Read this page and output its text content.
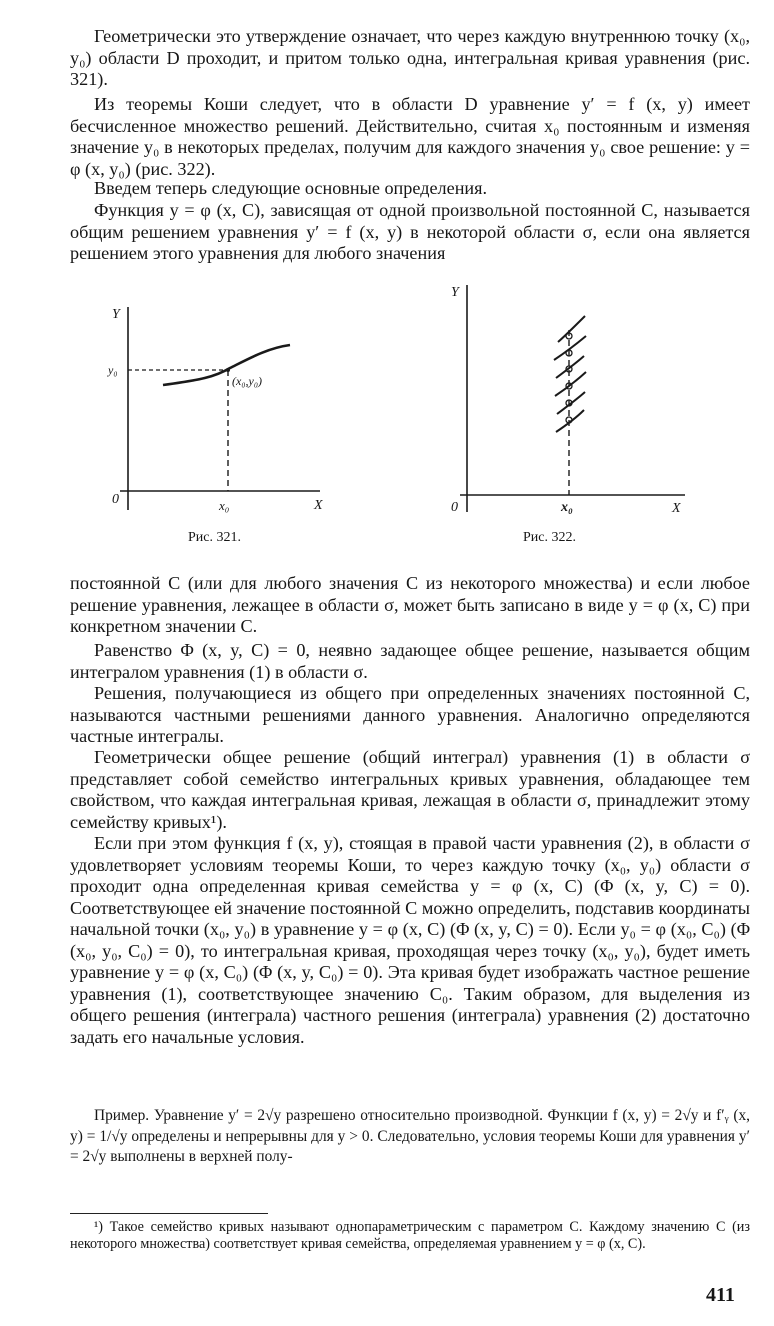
Геометрически это утверждение означает, что через каждую внутреннюю точку (x₀, y₀) области D проходит, и притом только одна, интегральная кривая уравнения (рис. 321).

Из теоремы Коши следует, что в области D уравнение y′ = f (x, y) имеет бесчисленное множество решений. Действительно, считая x₀ постоянным и изменяя значение y₀ в некоторых пределах, получим для каждого значения y₀ свое решение: y = φ (x, y₀) (рис. 322).

Введем теперь следующие основные определения.

Функция y = φ (x, C), зависящая от одной произвольной постоянной C, называется общим решением уравнения y′ = f (x, y) в некоторой области σ, если она является решением этого уравнения для любого значения

Y
X
0
y₀
x₀
(x₀,y₀)
Рис. 321.
Y
X
0	x₀
Рис. 322.

постоянной C (или для любого значения C из некоторого множества) и если любое решение уравнения, лежащее в области σ, может быть записано в виде y = φ (x, C) при конкретном значении C.

Равенство Φ (x, y, C) = 0, неявно задающее общее решение, называется общим интегралом уравнения (1) в области σ.

Решения, получающиеся из общего при определенных значениях постоянной C, называются частными решениями данного уравнения. Аналогично определяются частные интегралы.

Геометрически общее решение (общий интеграл) уравнения (1) в области σ представляет собой семейство интегральных кривых уравнения, обладающее тем свойством, что каждая интегральная кривая, лежащая в области σ, принадлежит этому семейству кривых¹).

Если при этом функция f (x, y), стоящая в правой части уравнения (2), в области σ удовлетворяет условиям теоремы Коши, то через каждую точку (x₀, y₀) области σ проходит одна определенная кривая семейства y = φ (x, C) (Φ (x, y, C) = 0). Соответствующее ей значение постоянной C можно определить, подставив координаты начальной точки (x₀, y₀) в уравнение y = φ (x, C) (Φ (x, y, C) = 0). Если y₀ = φ (x₀, C₀) (Φ (x₀, y₀, C₀) = 0), то интегральная кривая, проходящая через точку (x₀, y₀), будет иметь уравнение y = φ (x, C₀) (Φ (x, y, C₀) = 0). Эта кривая будет изображать частное решение уравнения (1), соответствующее значению C₀. Таким образом, для выделения из общего решения (интеграла) частного решения (интеграла) уравнения (2) достаточно задать его начальные условия.

Пример. Уравнение y′ = 2√y разрешено относительно производной. Функции f (x, y) = 2√y и f′ᵧ (x, y) = 1/√y определены и непрерывны для y > 0. Следовательно, условия теоремы Коши для уравнения y′ = 2√y выполнены в верхней полу-

¹) Такое семейство кривых называют однопараметрическим с параметром C. Каждому значению C (из некоторого множества) соответствует кривая семейства, определяемая уравнением y = φ (x, C).

411
